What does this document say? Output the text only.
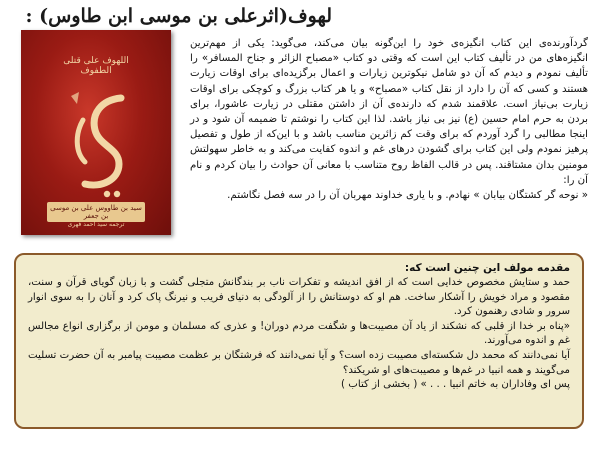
لهوف(اثرعلی بن موسی ابن طاوس) :
اللهوف على قتلى الطفوف
سید بن طاووس علی بن موسی بن جعفر
ترجمه سید احمد فهری

گردآورنده‌ی این کتاب انگیزه‌ی خود را این‌گونه بیان می‌کند، می‌گوید: یکی از مهم‌ترین انگیزه‌های من در تألیف کتاب این است که وقتی دو کتاب «مصباح الزائر و جناح المسافر» را تألیف نمودم و دیدم که آن دو شامل نیکوترین زیارات و اعمال برگزیده‌ای برای اوقات زیارت هستند و کسی که آن را دارد از نقل کتاب «مصباح» و یا هر کتاب بزرگ و کوچکی برای اوقات زیارت بی‌نیاز است. علاقمند شدم که دارنده‌ی آن از داشتن مقتلی در زیارت عاشورا، برای بردن به حرم امام حسین (ع) نیز بی نیاز باشد. لذا این کتاب را نوشتم تا ضمیمه آن شود و در اینجا مطالبی را گرد آوردم که برای وقت کم زائرین مناسب باشد و با این‌که از طول و تفصیل پرهیز نمودم ولی این کتاب برای گشودن درهای غم و اندوه کفایت می‌کند و به خاطر سهولتش مومنین بدان مشتاقند. پس در قالب الفاظ روح متناسب با معانی آن حوادث را بیان کردم و نام آن را:

« نوحه گر کشتگان بیابان » نهادم. و با یاری خداوند مهربان آن را در سه فصل نگاشتم.

مقدمه مولف این چنین است که:

حمد و ستایش مخصوص خدایی است که از افق اندیشه و تفکرات ناب بر بندگانش متجلی گشت و با زبان گویای قرآن و سنت، مقصود و مراد خویش را آشکار ساخت. هم او که دوستانش را از آلودگی به دنیای فریب و نیرنگ پاک کرد و آنان را به سوی انوار سرور و شادی رهنمون کرد.

«پناه بر خدا از قلبی که نشکند از یاد آن مصیبت‌ها و شگفت مردم دوران! و عذری که مسلمان و مومن از برگزاری انواع مجالس غم و اندوه می‌آورند.

آیا نمی‌دانند که محمد دل شکسته‌ای مصیبت زده است؟ و آیا نمی‌دانند که فرشتگان بر عظمت مصیبت پیامبر به آن حضرت تسلیت می‌گویند و همه انبیا در غم‌ها و مصیبت‌های او شریکند؟

پس ای وفاداران به خاتم انبیا . . . » ( بخشی از کتاب )
